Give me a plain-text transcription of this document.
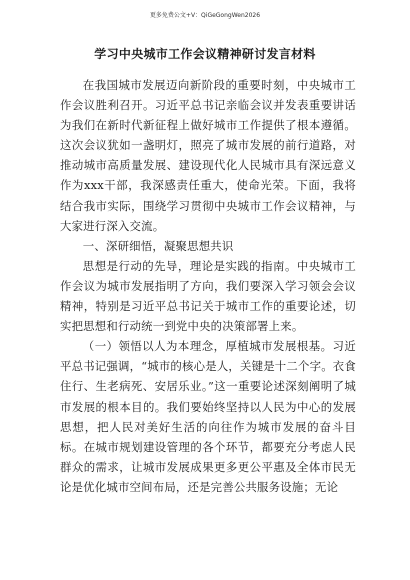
更多免费公文+V：QiGeGongWen2026
学习中央城市工作会议精神研讨发言材料

在我国城市发展迈向新阶段的重要时刻，中央城市工作会议胜利召开。习近平总书记亲临会议并发表重要讲话为我们在新时代新征程上做好城市工作提供了根本遵循。这次会议犹如一盏明灯，照亮了城市发展的前行道路，对推动城市高质量发展、建设现代化人民城市具有深远意义作为xxx干部，我深感责任重大，使命光荣。下面，我将结合我市实际，围绕学习贯彻中央城市工作会议精神，与大家进行深入交流。

一、深研细悟，凝聚思想共识

思想是行动的先导，理论是实践的指南。中央城市工作会议为城市发展指明了方向，我们要深入学习领会会议精神，特别是习近平总书记关于城市工作的重要论述，切实把思想和行动统一到党中央的决策部署上来。

（一）领悟以人为本理念，厚植城市发展根基。习近平总书记强调，“城市的核心是人，关键是十二个字。衣食住行、生老病死、安居乐业。”这一重要论述深刻阐明了城市发展的根本目的。我们要始终坚持以人民为中心的发展思想，把人民对美好生活的向往作为城市发展的奋斗目标。在城市规划建设管理的各个环节，都要充分考虑人民群众的需求，让城市发展成果更多更公平惠及全体市民无论是优化城市空间布局，还是完善公共服务设施；无论
